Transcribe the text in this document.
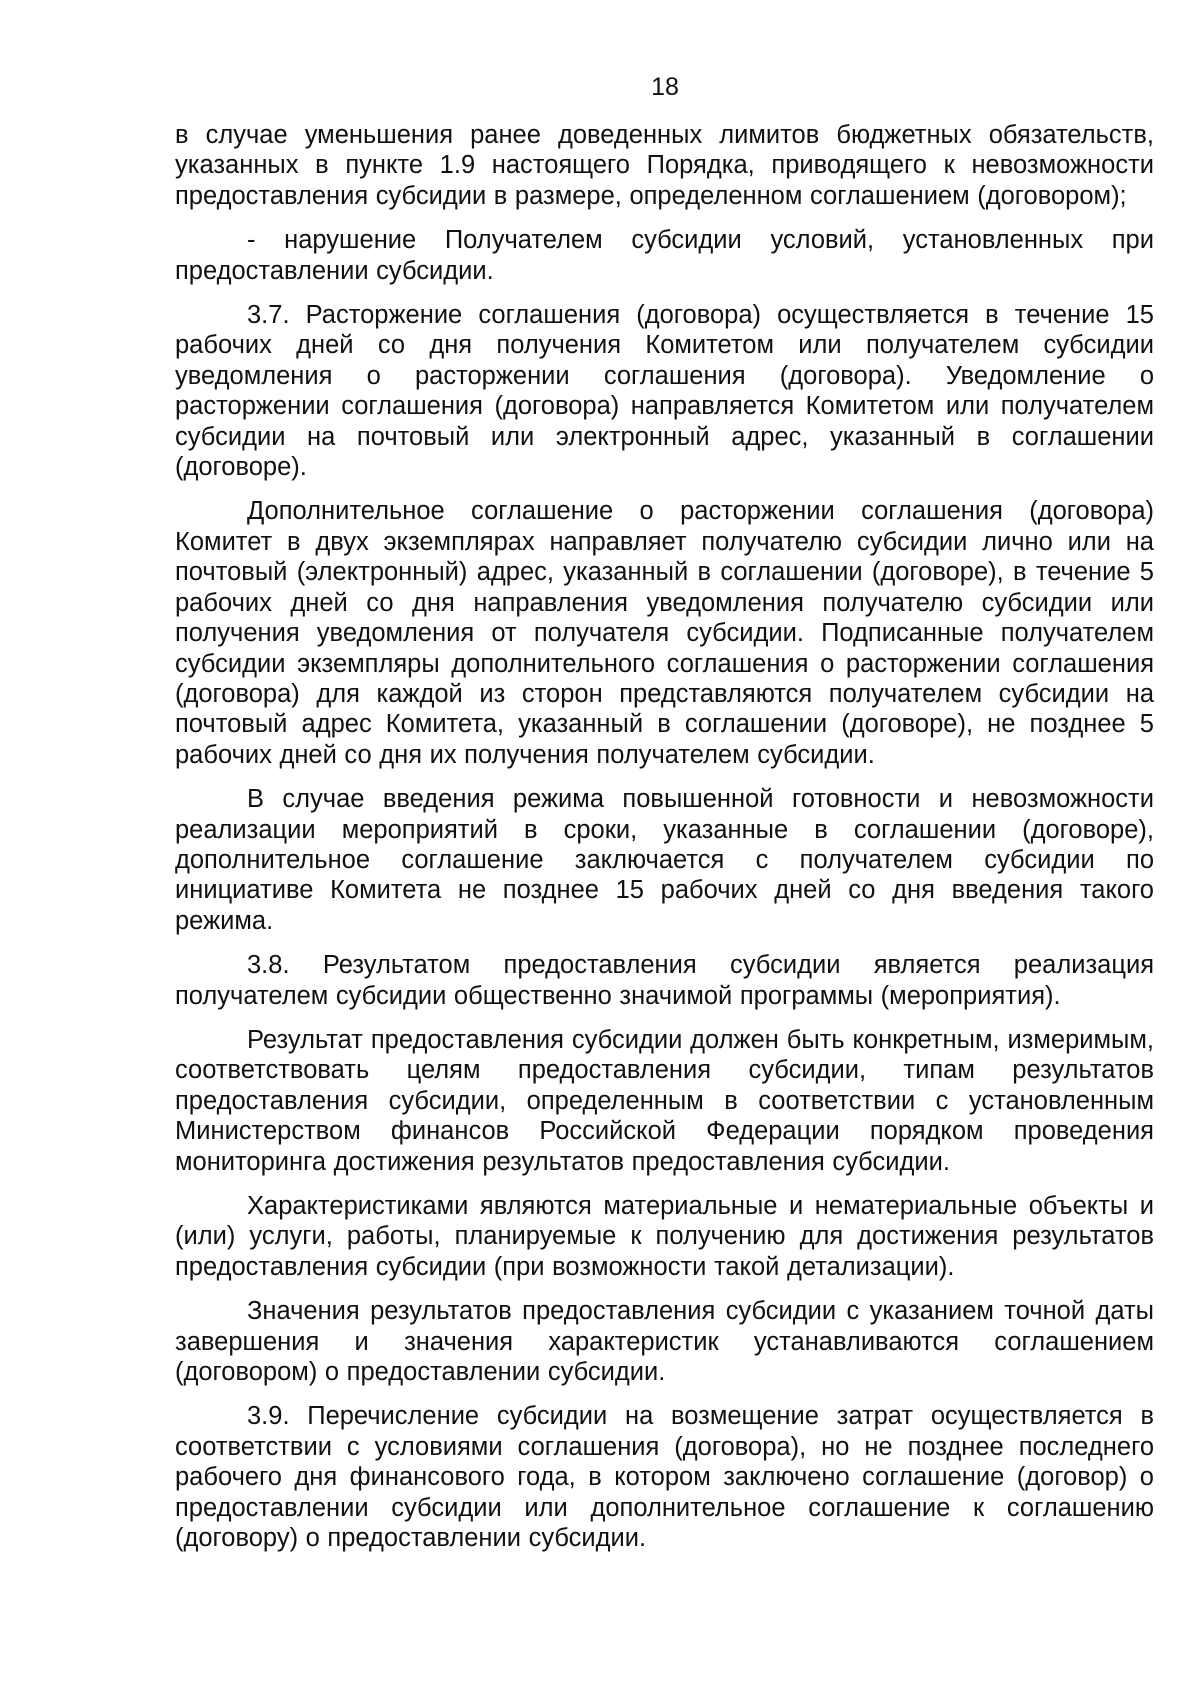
18

в случае уменьшения ранее доведенных лимитов бюджетных обязательств, указанных в пункте 1.9 настоящего Порядка, приводящего к невозможности предоставления субсидии в размере, определенном соглашением (договором);

- нарушение Получателем субсидии условий, установленных при предоставлении субсидии.

3.7. Расторжение соглашения (договора) осуществляется в течение 15 рабочих дней со дня получения Комитетом или получателем субсидии уведомления о расторжении соглашения (договора). Уведомление о расторжении соглашения (договора) направляется Комитетом или получателем субсидии на почтовый или электронный адрес, указанный в соглашении (договоре).

Дополнительное соглашение о расторжении соглашения (договора) Комитет в двух экземплярах направляет получателю субсидии лично или на почтовый (электронный) адрес, указанный в соглашении (договоре), в течение 5 рабочих дней со дня направления уведомления получателю субсидии или получения уведомления от получателя субсидии. Подписанные получателем субсидии экземпляры дополнительного соглашения о расторжении соглашения (договора) для каждой из сторон представляются получателем субсидии на почтовый адрес Комитета, указанный в соглашении (договоре), не позднее 5 рабочих дней со дня их получения получателем субсидии.

В случае введения режима повышенной готовности и невозможности реализации мероприятий в сроки, указанные в соглашении (договоре), дополнительное соглашение заключается с получателем субсидии по инициативе Комитета не позднее 15 рабочих дней со дня введения такого режима.

3.8. Результатом предоставления субсидии является реализация получателем субсидии общественно значимой программы (мероприятия).

Результат предоставления субсидии должен быть конкретным, измеримым, соответствовать целям предоставления субсидии, типам результатов предоставления субсидии, определенным в соответствии с установленным Министерством финансов Российской Федерации порядком проведения мониторинга достижения результатов предоставления субсидии.

Характеристиками являются материальные и нематериальные объекты и (или) услуги, работы, планируемые к получению для достижения результатов предоставления субсидии (при возможности такой детализации).

Значения результатов предоставления субсидии с указанием точной даты завершения и значения характеристик устанавливаются соглашением (договором) о предоставлении субсидии.

3.9. Перечисление субсидии на возмещение затрат осуществляется в соответствии с условиями соглашения (договора), но не позднее последнего рабочего дня финансового года, в котором заключено соглашение (договор) о предоставлении субсидии или дополнительное соглашение к соглашению (договору) о предоставлении субсидии.
